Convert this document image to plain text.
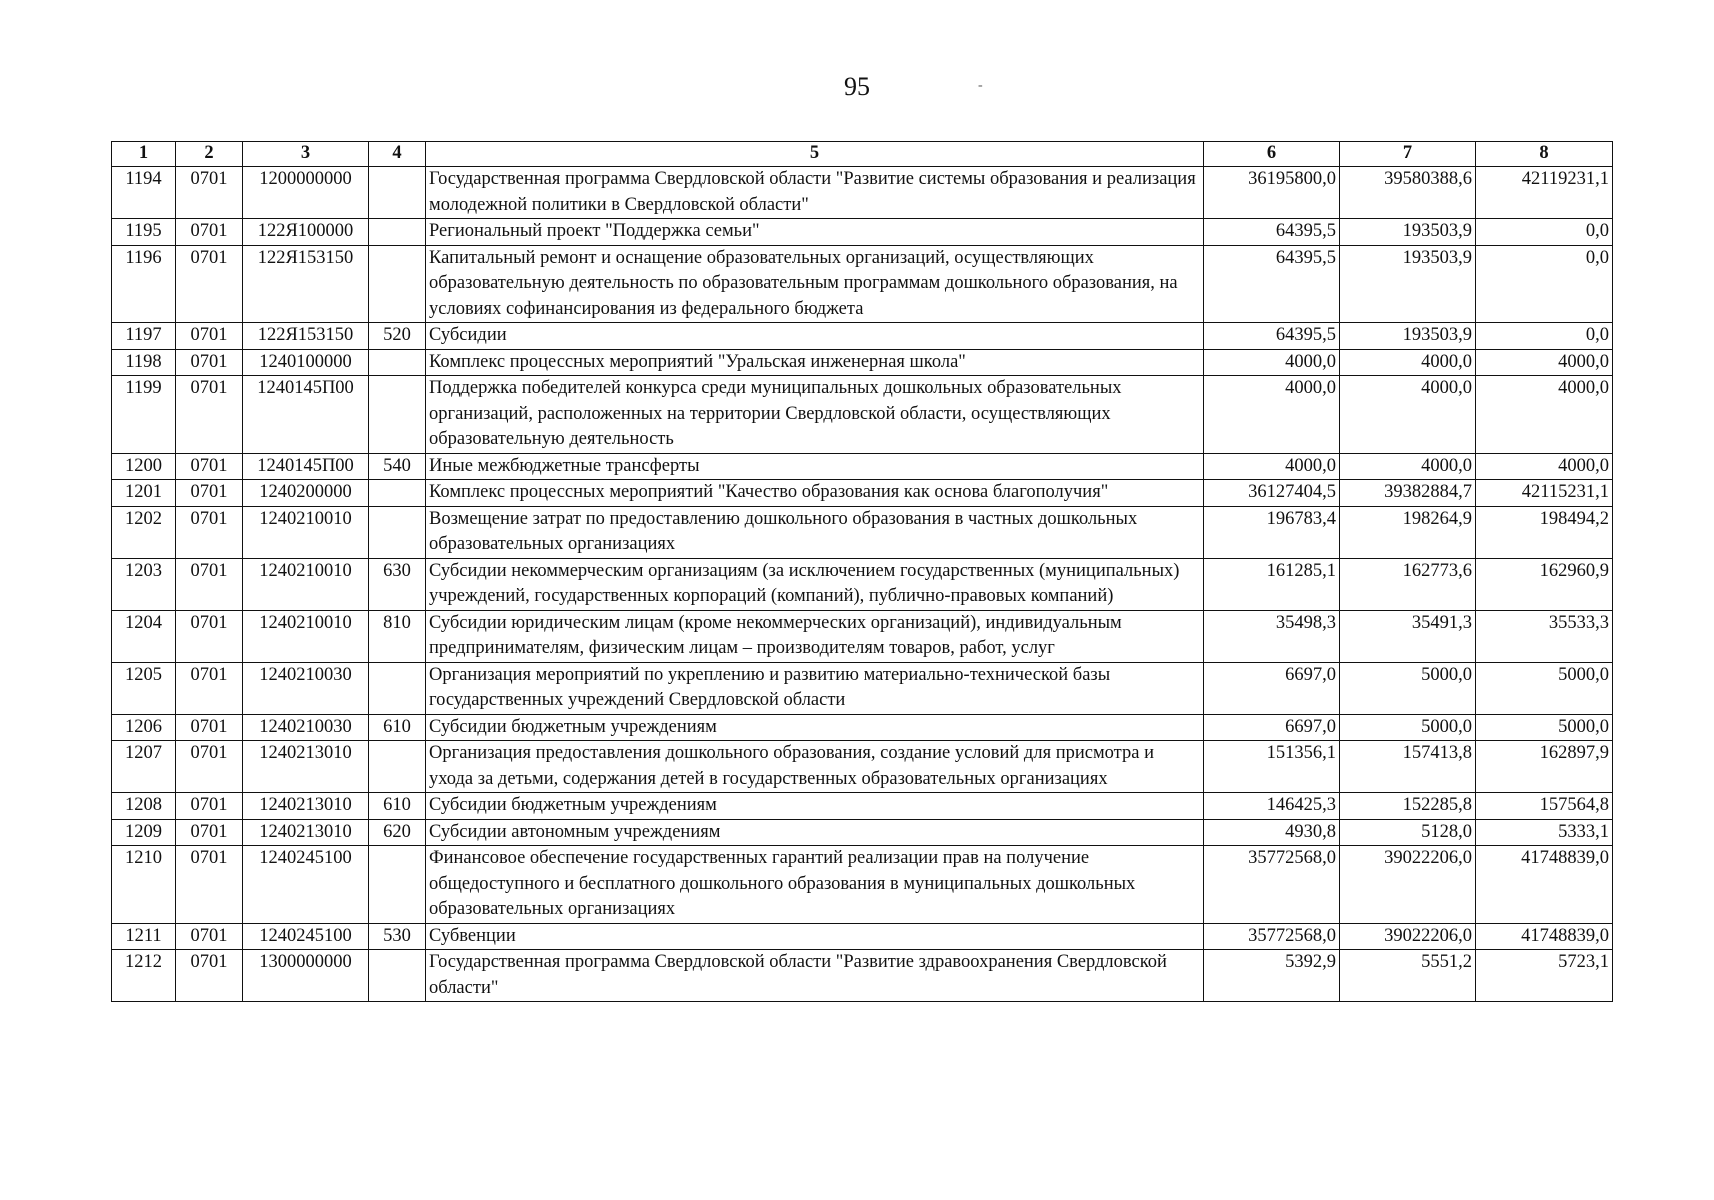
95	-
1	2	3	4	5	6	7	8
1194	0701	1200000000		Государственная программа Свердловской области "Развитие системы образования и реализация молодежной политики в Свердловской области"	36195800,0	39580388,6	42119231,1
1195	0701	122Я100000		Региональный проект "Поддержка семьи"	64395,5	193503,9	0,0
1196	0701	122Я153150		Капитальный ремонт и оснащение образовательных организаций, осуществляющих образовательную деятельность по образовательным программам дошкольного образования, на условиях софинансирования из федерального бюджета	64395,5	193503,9	0,0
1197	0701	122Я153150	520	Субсидии	64395,5	193503,9	0,0
1198	0701	1240100000		Комплекс процессных мероприятий "Уральская инженерная школа"	4000,0	4000,0	4000,0
1199	0701	1240145П00		Поддержка победителей конкурса среди муниципальных дошкольных образовательных организаций, расположенных на территории Свердловской области, осуществляющих образовательную деятельность	4000,0	4000,0	4000,0
1200	0701	1240145П00	540	Иные межбюджетные трансферты	4000,0	4000,0	4000,0
1201	0701	1240200000		Комплекс процессных мероприятий "Качество образования как основа благополучия"	36127404,5	39382884,7	42115231,1
1202	0701	1240210010		Возмещение затрат по предоставлению дошкольного образования в частных дошкольных образовательных организациях	196783,4	198264,9	198494,2
1203	0701	1240210010	630	Субсидии некоммерческим организациям (за исключением государственных (муниципальных) учреждений, государственных корпораций (компаний), публично-правовых компаний)	161285,1	162773,6	162960,9
1204	0701	1240210010	810	Субсидии юридическим лицам (кроме некоммерческих организаций), индивидуальным предпринимателям, физическим лицам – производителям товаров, работ, услуг	35498,3	35491,3	35533,3
1205	0701	1240210030		Организация мероприятий по укреплению и развитию материально-технической базы государственных учреждений Свердловской области	6697,0	5000,0	5000,0
1206	0701	1240210030	610	Субсидии бюджетным учреждениям	6697,0	5000,0	5000,0
1207	0701	1240213010		Организация предоставления дошкольного образования, создание условий для присмотра и ухода за детьми, содержания детей в государственных образовательных организациях	151356,1	157413,8	162897,9
1208	0701	1240213010	610	Субсидии бюджетным учреждениям	146425,3	152285,8	157564,8
1209	0701	1240213010	620	Субсидии автономным учреждениям	4930,8	5128,0	5333,1
1210	0701	1240245100		Финансовое обеспечение государственных гарантий реализации прав на получение общедоступного и бесплатного дошкольного образования в муниципальных дошкольных образовательных организациях	35772568,0	39022206,0	41748839,0
1211	0701	1240245100	530	Субвенции	35772568,0	39022206,0	41748839,0
1212	0701	1300000000		Государственная программа Свердловской области "Развитие здравоохранения Свердловской области"	5392,9	5551,2	5723,1
